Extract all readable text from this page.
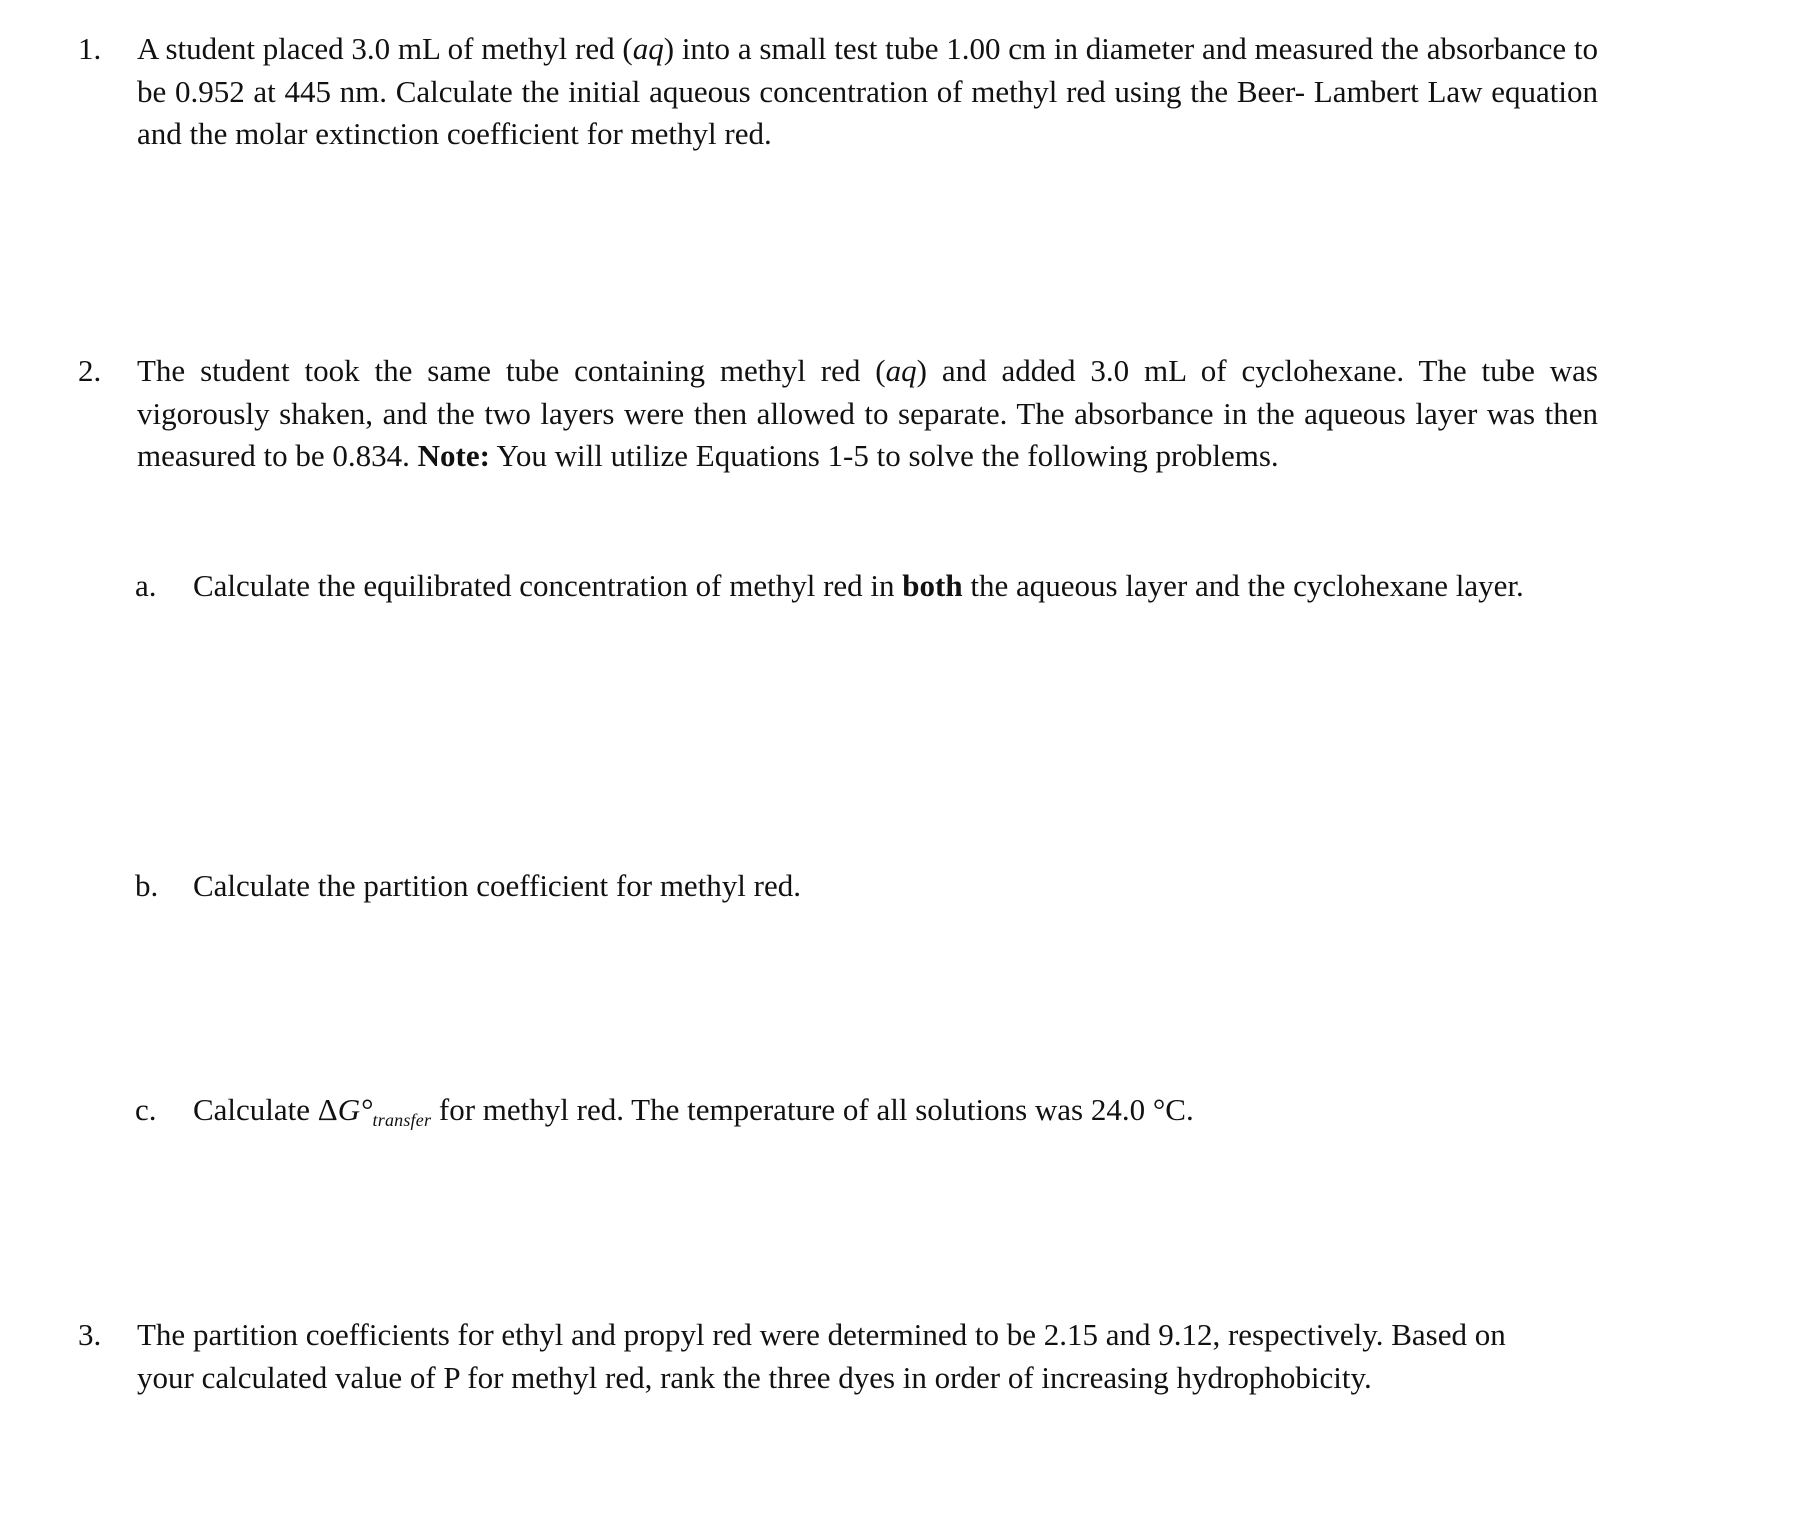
1. A student placed 3.0 mL of methyl red (aq) into a small test tube 1.00 cm in diameter and measured the absorbance to be 0.952 at 445 nm. Calculate the initial aqueous concentration of methyl red using the Beer- Lambert Law equation and the molar extinction coefficient for methyl red.
2. The student took the same tube containing methyl red (aq) and added 3.0 mL of cyclohexane. The tube was vigorously shaken, and the two layers were then allowed to separate. The absorbance in the aqueous layer was then measured to be 0.834. Note: You will utilize Equations 1-5 to solve the following problems.
a. Calculate the equilibrated concentration of methyl red in both the aqueous layer and the cyclohexane layer.
b. Calculate the partition coefficient for methyl red.
c. Calculate ΔG°transfer for methyl red. The temperature of all solutions was 24.0 °C.
3. The partition coefficients for ethyl and propyl red were determined to be 2.15 and 9.12, respectively. Based on
your calculated value of P for methyl red, rank the three dyes in order of increasing hydrophobicity.
